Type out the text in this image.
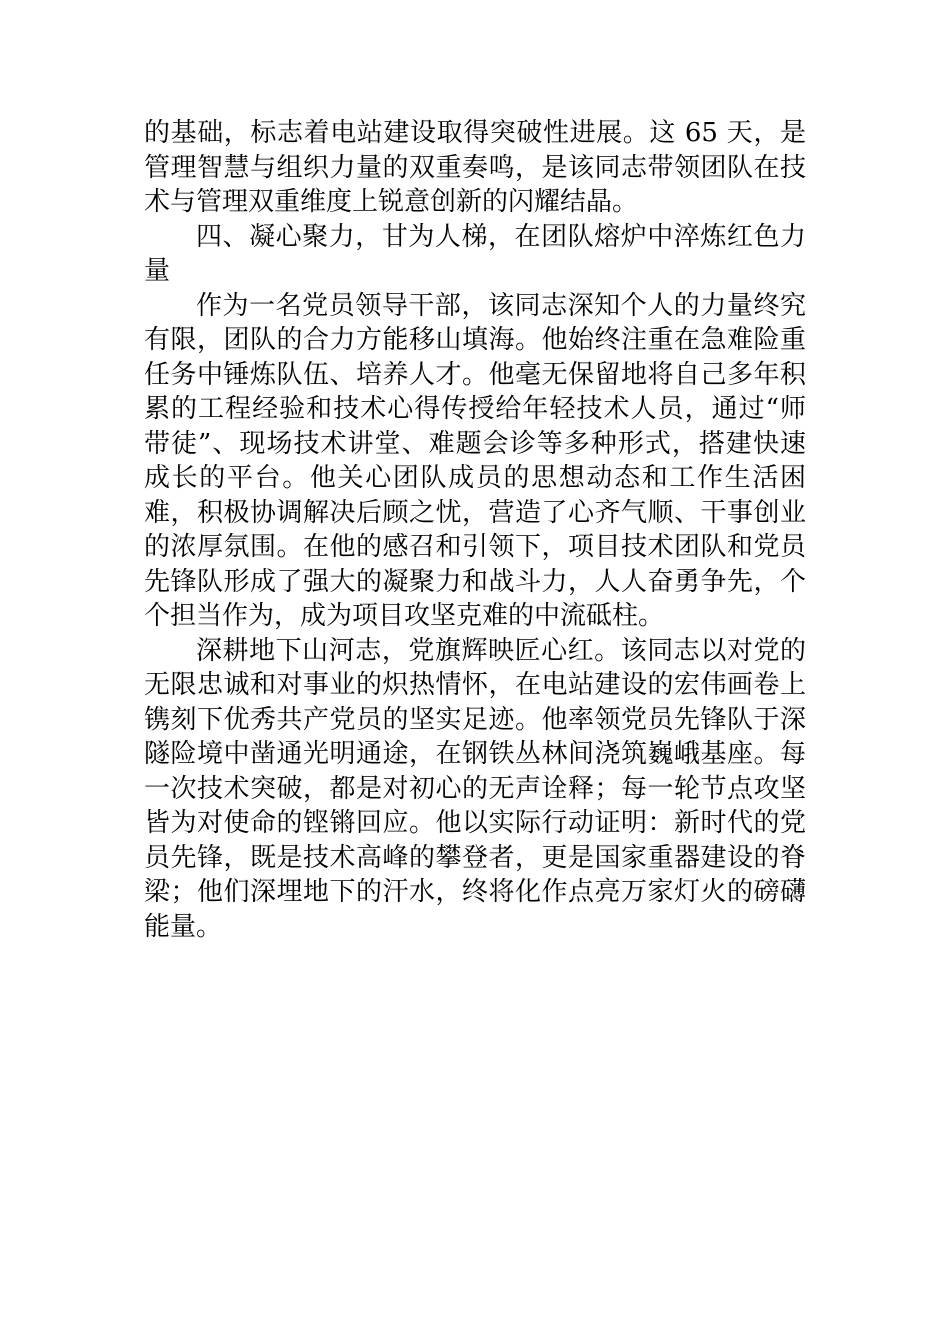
的基础，标志着电站建设取得突破性进展。这 65 天，是管理智慧与组织力量的双重奏鸣，是该同志带领团队在技术与管理双重维度上锐意创新的闪耀结晶。

四、凝心聚力，甘为人梯，在团队熔炉中淬炼红色力量

作为一名党员领导干部，该同志深知个人的力量终究有限，团队的合力方能移山填海。他始终注重在急难险重任务中锤炼队伍、培养人才。他毫无保留地将自己多年积累的工程经验和技术心得传授给年轻技术人员，通过“师带徒”、现场技术讲堂、难题会诊等多种形式，搭建快速成长的平台。他关心团队成员的思想动态和工作生活困难，积极协调解决后顾之忧，营造了心齐气顺、干事创业的浓厚氛围。在他的感召和引领下，项目技术团队和党员先锋队形成了强大的凝聚力和战斗力，人人奋勇争先，个个担当作为，成为项目攻坚克难的中流砥柱。

深耕地下山河志，党旗辉映匠心红。该同志以对党的无限忠诚和对事业的炽热情怀，在电站建设的宏伟画卷上镌刻下优秀共产党员的坚实足迹。他率领党员先锋队于深隧险境中凿通光明通途，在钢铁丛林间浇筑巍峨基座。每一次技术突破，都是对初心的无声诠释；每一轮节点攻坚皆为对使命的铿锵回应。他以实际行动证明：新时代的党员先锋，既是技术高峰的攀登者，更是国家重器建设的脊梁；他们深埋地下的汗水，终将化作点亮万家灯火的磅礴能量。
